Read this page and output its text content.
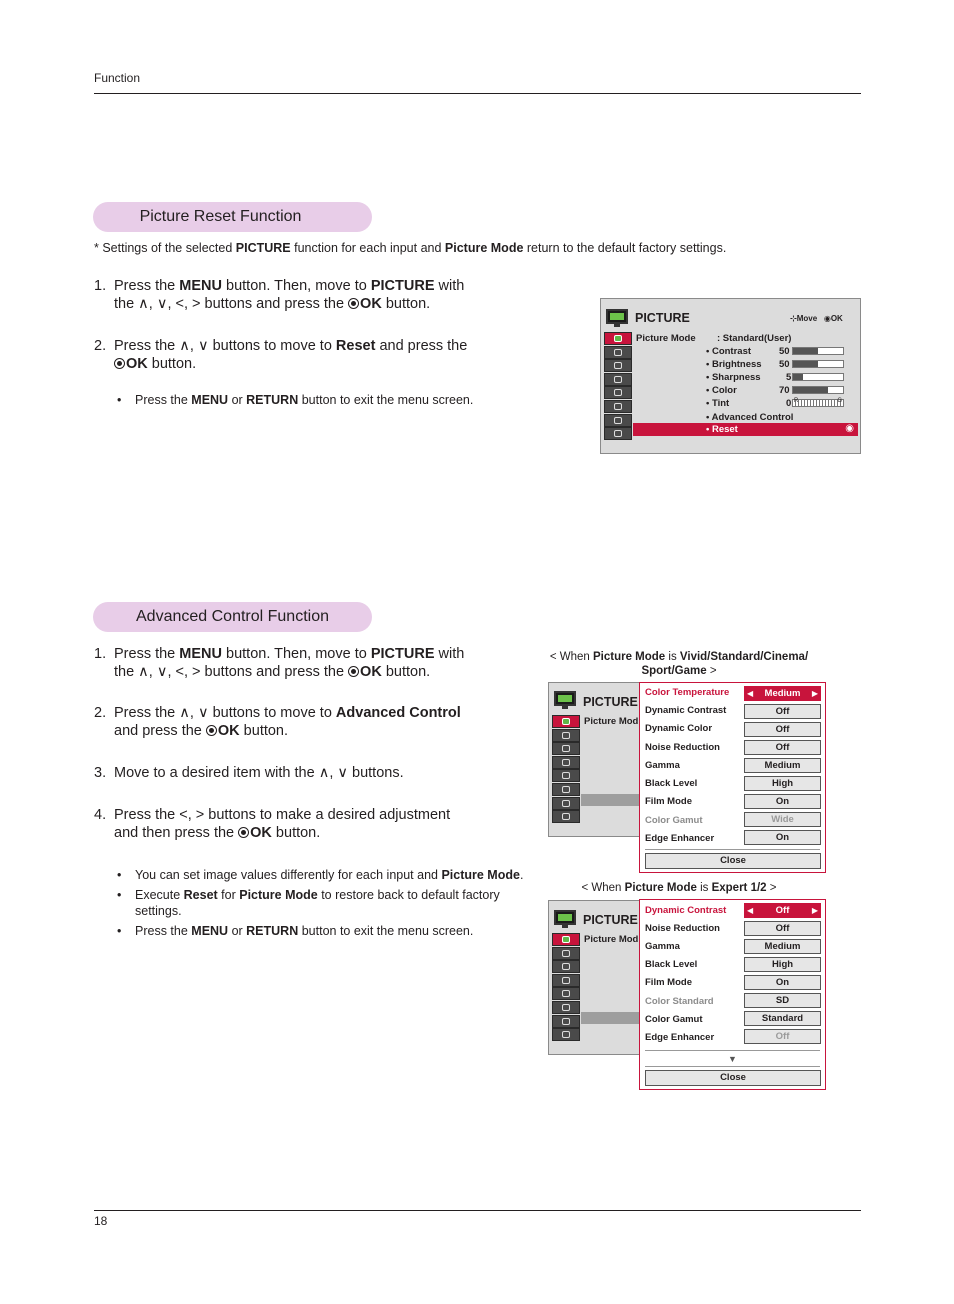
Function
Picture Reset Function
* Settings of the selected PICTURE function for each input and Picture Mode return to the default factory settings.
1. Press the MENU button. Then, move to PICTURE with
the ∧, ∨, <, > buttons and press the OK button.
2. Press the ∧, ∨ buttons to move to Reset and press the
OK button.
• Press the MENU or RETURN button to exit the menu screen.
PICTURE	⊹Move ◉OK
Picture Mode : Standard(User)
• Contrast	50
• Brightness 50
• Sharpness	5
• Color	70
• Tint	0 R	G
• Advanced Control
• Reset	◉
Advanced Control Function
1. Press the MENU button. Then, move to PICTURE with
the ∧, ∨, <, > buttons and press the OK button.
2. Press the ∧, ∨ buttons to move to Advanced Control
and press the OK button.
3. Move to a desired item with the ∧, ∨ buttons.
4. Press the <, > buttons to make a desired adjustment
and then press the OK button.
• You can set image values differently for each input and Picture Mode.
• Execute Reset for Picture Mode to restore back to default factory
settings.
• Press the MENU or RETURN button to exit the menu screen.
< When Picture Mode is Vivid/Standard/Cinema/
Sport/Game >
PICTURE
Picture Mod
Color Temperature ◀ Medium ▶
Dynamic Contrast	Off
Dynamic Color	Off
Noise Reduction	Off
Gamma	Medium
Black Level	High
Film Mode	On
Color Gamut	Wide
Edge Enhancer	On
Close
< When Picture Mode is Expert 1/2 >
PICTURE
Picture Mod
Dynamic Contrast	◀ Off	▶
Noise Reduction	Off
Gamma	Medium
Black Level	High
Film Mode	On
Color Standard	SD
Color Gamut	Standard
Edge Enhancer	Off
▼
Close
18
